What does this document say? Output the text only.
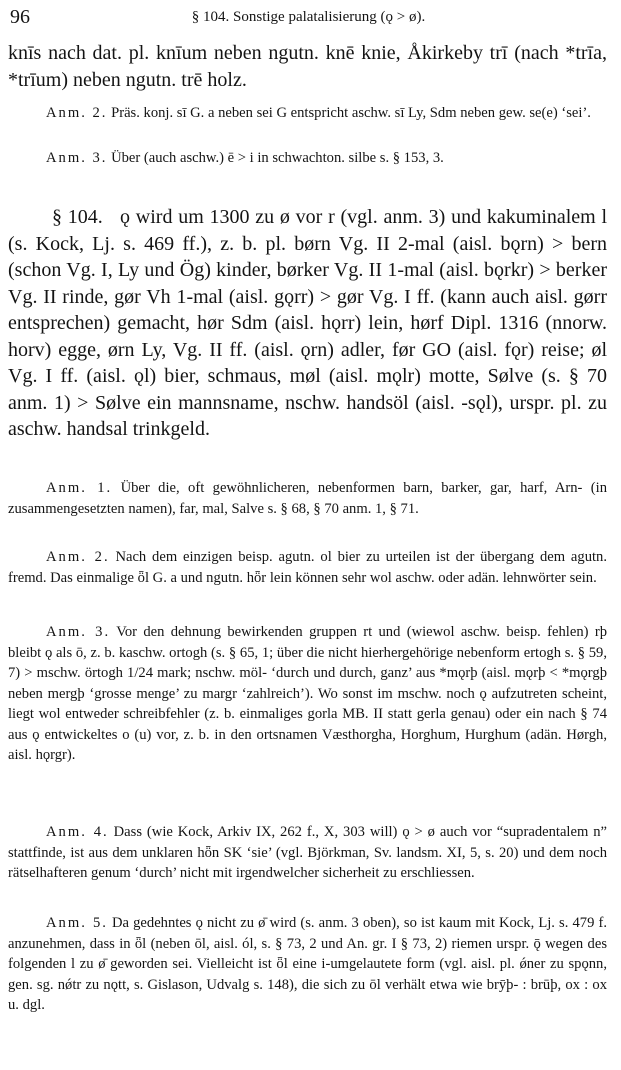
96	§ 104. Sonstige palatalisierung (ǫ > ø).

knīs nach dat. pl. knīum neben ngutn. knē knie, Åkirkeby trī (nach *trīa, *trīum) neben ngutn. trē holz.

Anm. 2. Präs. konj. sī G. a neben sei G entspricht aschw. sī Ly, Sdm neben gew. se(e) ‘sei’.

Anm. 3. Über (auch aschw.) ē > i in schwachton. silbe s. § 153, 3.

§ 104. ǫ wird um 1300 zu ø vor r (vgl. anm. 3) und kakuminalem l (s. Kock, Lj. s. 469 ff.), z. b. pl. børn Vg. II 2-mal (aisl. bǫrn) > bern (schon Vg. I, Ly und Ög) kinder, børker Vg. II 1-mal (aisl. bǫrkr) > berker Vg. II rinde, gør Vh 1-mal (aisl. gǫrr) > gør Vg. I ff. (kann auch aisl. gørr entsprechen) gemacht, hør Sdm (aisl. hǫrr) lein, hørf Dipl. 1316 (nnorw. horv) egge, ørn Ly, Vg. II ff. (aisl. ǫrn) adler, før GO (aisl. fǫr) reise; øl Vg. I ff. (aisl. ǫl) bier, schmaus, møl (aisl. mǫlr) motte, Sølve (s. § 70 anm. 1) > Sølve ein mannsname, nschw. handsöl (aisl. -sǫl), urspr. pl. zu aschw. handsal trinkgeld.

Anm. 1. Über die, oft gewöhnlicheren, nebenformen barn, barker, gar, harf, Arn- (in zusammengesetzten namen), far, mal, Salve s. § 68, § 70 anm. 1, § 71.

Anm. 2. Nach dem einzigen beisp. agutn. ol bier zu urteilen ist der übergang dem agutn. fremd. Das einmalige ȫl G. a und ngutn. hȫr lein können sehr wol aschw. oder adän. lehnwörter sein.

Anm. 3. Vor den dehnung bewirkenden gruppen rt und (wiewol aschw. beisp. fehlen) rþ bleibt ǫ als ō, z. b. kaschw. ortogh (s. § 65, 1; über die nicht hierhergehörige nebenform ertogh s. § 59, 7) > mschw. örtogh 1/24 mark; nschw. möl- ‘durch und durch, ganz’ aus *mǫrþ (aisl. mǫrþ < *mǫrgþ neben mergþ ‘grosse menge’ zu margr ‘zahlreich’). Wo sonst im mschw. noch ǫ aufzutreten scheint, liegt wol entweder schreibfehler (z. b. einmaliges gorla MB. II statt gerla genau) oder ein nach § 74 aus ǫ entwickeltes o (u) vor, z. b. in den ortsnamen Væsthorgha, Horghum, Hurghum (adän. Hørgh, aisl. hǫrgr).

Anm. 4. Dass (wie Kock, Arkiv IX, 262 f., X, 303 will) ǫ > ø auch vor “supradentalem n” stattfinde, ist aus dem unklaren hȫn SK ‘sie’ (vgl. Björkman, Sv. landsm. XI, 5, s. 20) und dem noch rätselhafteren genum ‘durch’ nicht mit irgendwelcher sicherheit zu erschliessen.

Anm. 5. Da gedehntes ǫ nicht zu ø̄ wird (s. anm. 3 oben), so ist kaum mit Kock, Lj. s. 479 f. anzunehmen, dass in ȫl (neben ōl, aisl. ól, s. § 73, 2 und An. gr. I § 73, 2) riemen urspr. ǭ wegen des folgenden l zu ø̄ geworden sei. Vielleicht ist ȫl eine i-umgelautete form (vgl. aisl. pl. ǿner zu spǫnn, gen. sg. nǿtr zu nǫtt, s. Gislason, Udvalg s. 148), die sich zu ōl verhält etwa wie brȳþ- : brūþ, ox : ox u. dgl.
